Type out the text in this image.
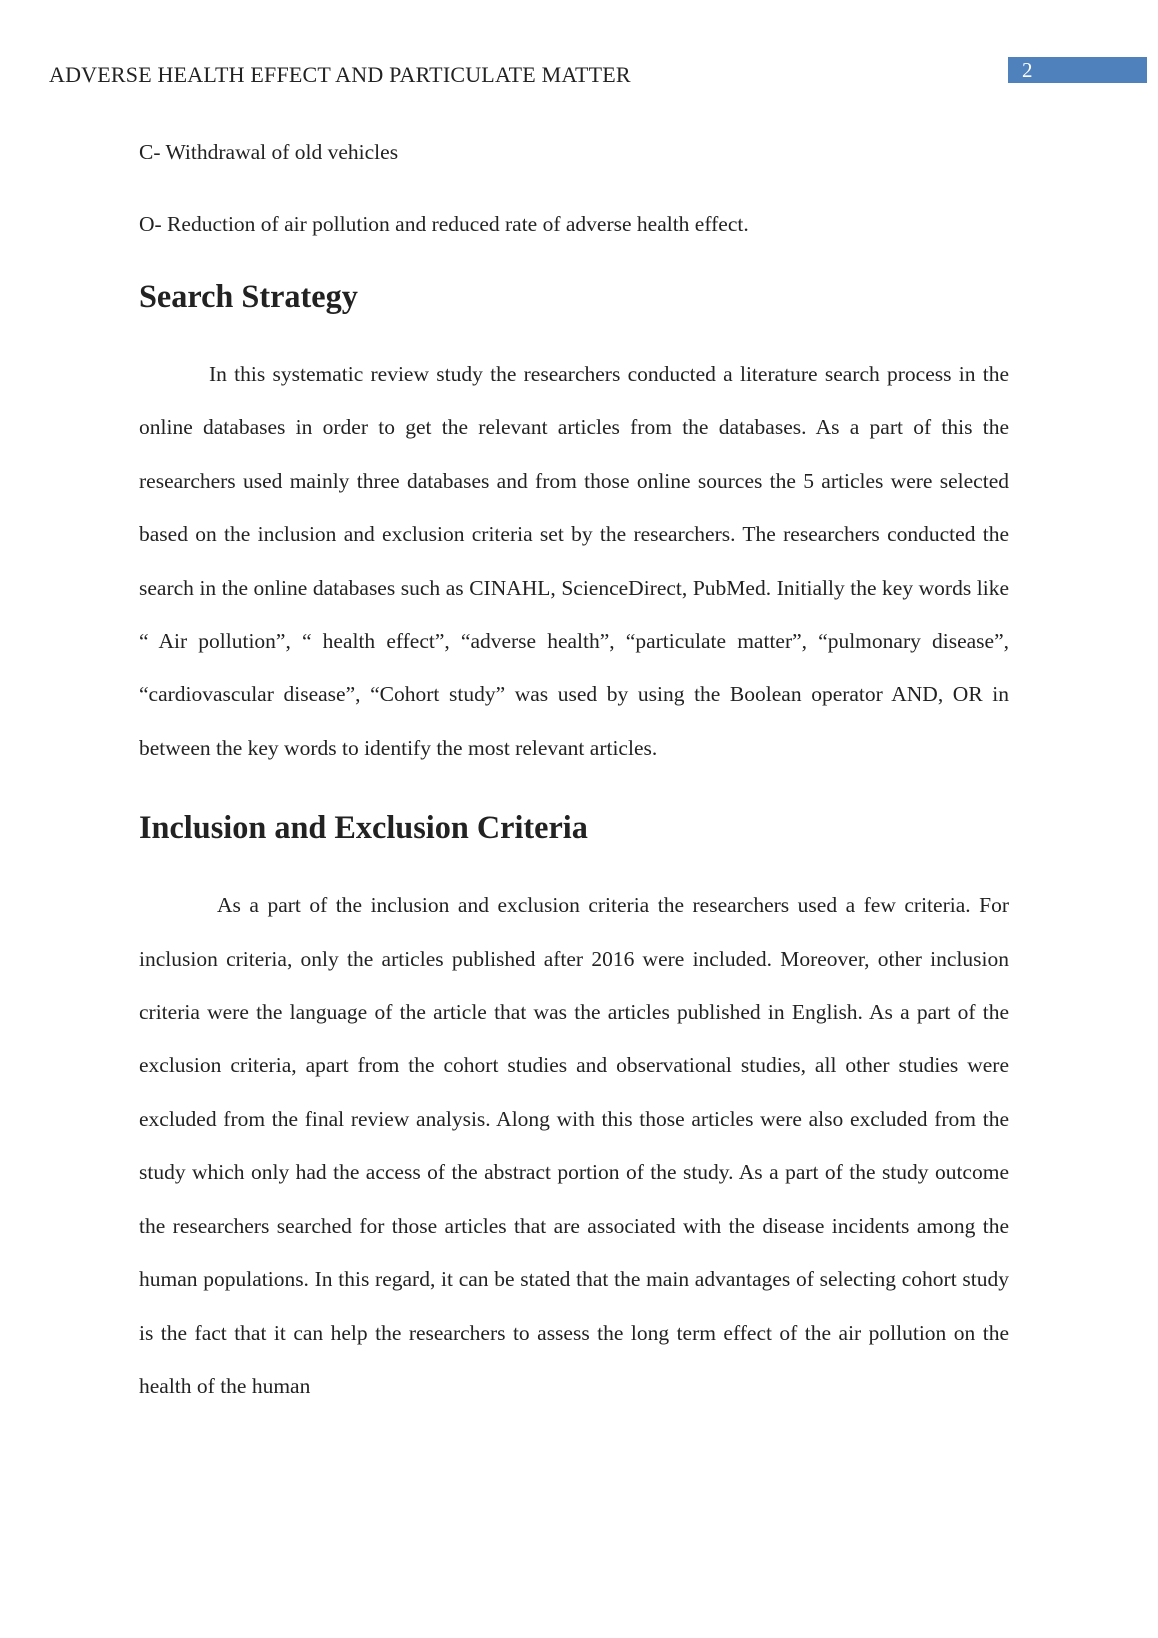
ADVERSE HEALTH EFFECT AND PARTICULATE MATTER	2

C- Withdrawal of old vehicles

O- Reduction of air pollution and reduced rate of adverse health effect.

Search Strategy

In this systematic review study the researchers conducted a literature search process in the online databases in order to get the relevant articles from the databases. As a part of this the researchers used mainly three databases and from those online sources the 5 articles were selected based on the inclusion and exclusion criteria set by the researchers. The researchers conducted the search in the online databases such as CINAHL, ScienceDirect, PubMed. Initially the key words like “ Air pollution”, “ health effect”, “adverse health”, “particulate matter”, “pulmonary disease”, “cardiovascular disease”, “Cohort study” was used by using the Boolean operator AND, OR in between the key words to identify the most relevant articles.

Inclusion and Exclusion Criteria

As a part of the inclusion and exclusion criteria the researchers used a few criteria. For inclusion criteria, only the articles published after 2016 were included. Moreover, other inclusion criteria were the language of the article that was the articles published in English. As a part of the exclusion criteria, apart from the cohort studies and observational studies, all other studies were excluded from the final review analysis. Along with this those articles were also excluded from the study which only had the access of the abstract portion of the study. As a part of the study outcome the researchers searched for those articles that are associated with the disease incidents among the human populations. In this regard, it can be stated that the main advantages of selecting cohort study is the fact that it can help the researchers to assess the long term effect of the air pollution on the health of the human
